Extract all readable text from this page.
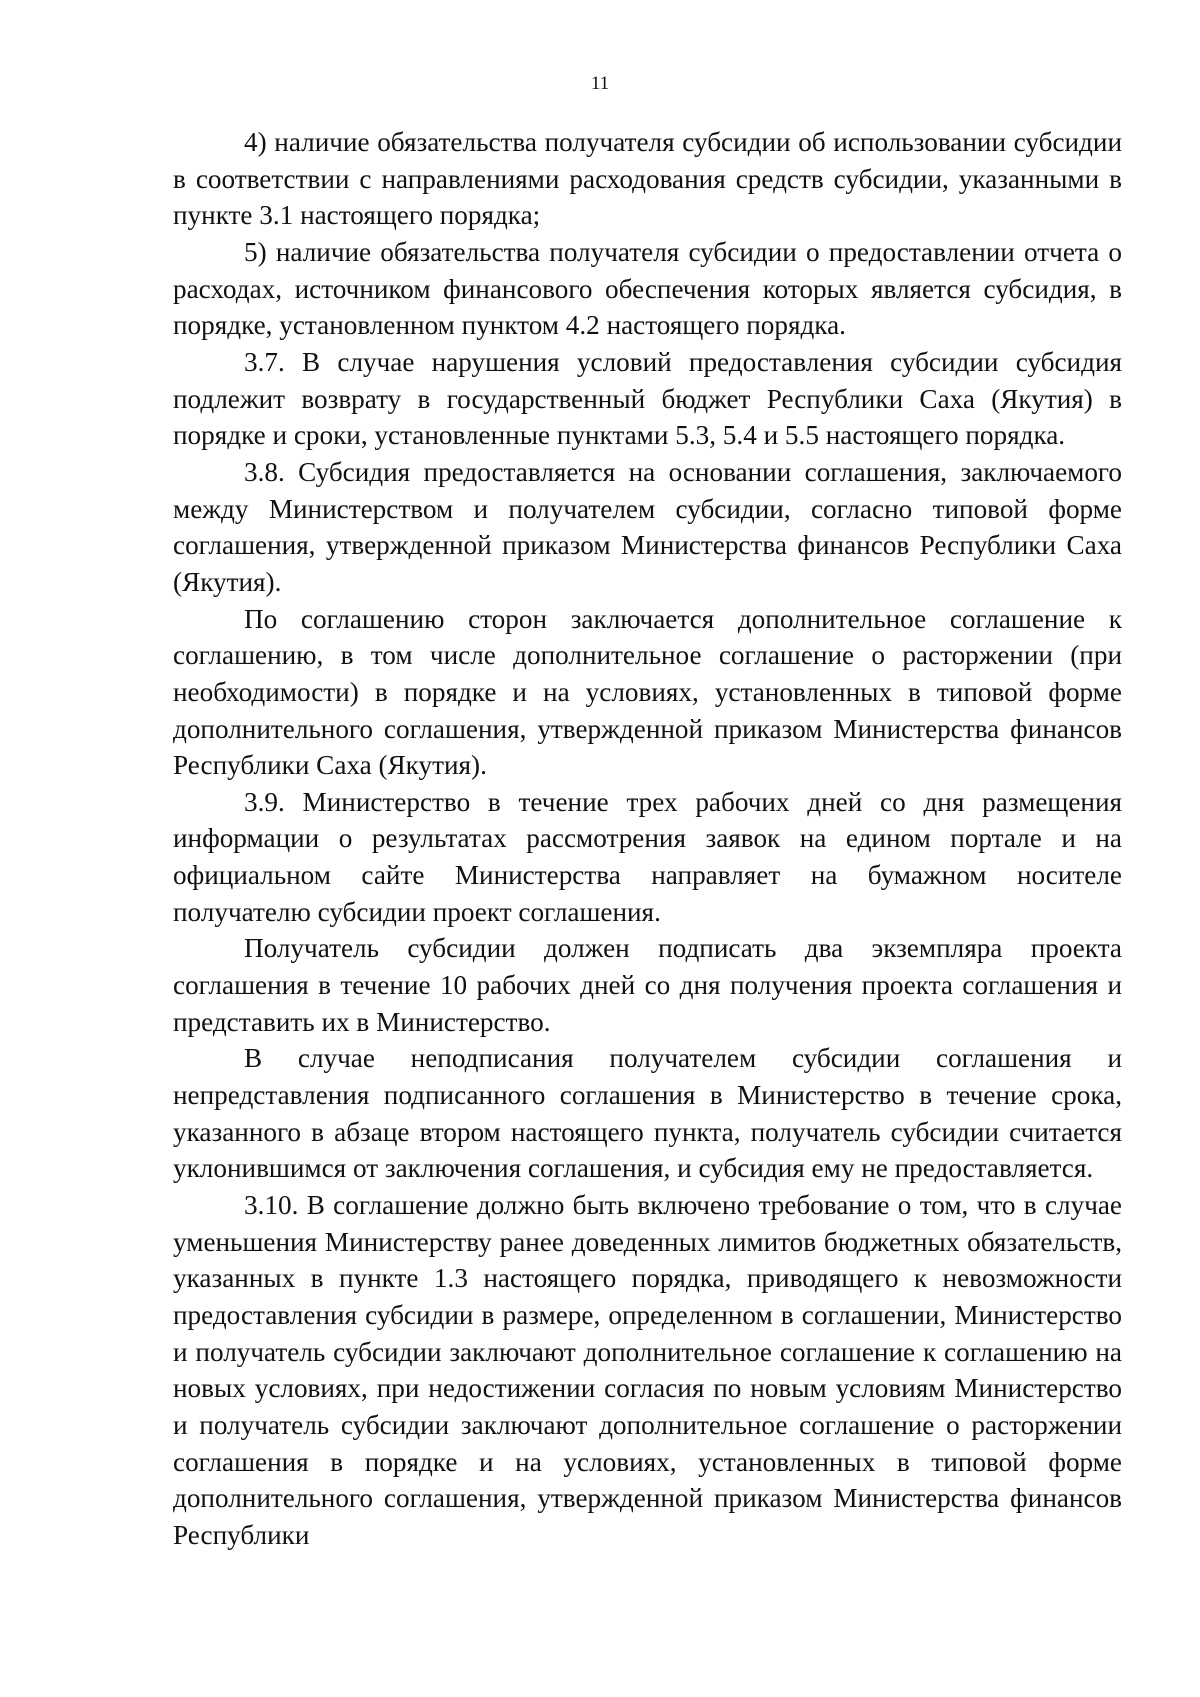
11

4) наличие обязательства получателя субсидии об использовании субсидии в соответствии с направлениями расходования средств субсидии, указанными в пункте 3.1 настоящего порядка;

5) наличие обязательства получателя субсидии о предоставлении отчета о расходах, источником финансового обеспечения которых является субсидия, в порядке, установленном пунктом 4.2 настоящего порядка.

3.7. В случае нарушения условий предоставления субсидии субсидия подлежит возврату в государственный бюджет Республики Саха (Якутия) в порядке и сроки, установленные пунктами 5.3, 5.4 и 5.5 настоящего порядка.

3.8. Субсидия предоставляется на основании соглашения, заключаемого между Министерством и получателем субсидии, согласно типовой форме соглашения, утвержденной приказом Министерства финансов Республики Саха (Якутия).

По соглашению сторон заключается дополнительное соглашение к соглашению, в том числе дополнительное соглашение о расторжении (при необходимости) в порядке и на условиях, установленных в типовой форме дополнительного соглашения, утвержденной приказом Министерства финансов Республики Саха (Якутия).

3.9. Министерство в течение трех рабочих дней со дня размещения информации о результатах рассмотрения заявок на едином портале и на официальном сайте Министерства направляет на бумажном носителе получателю субсидии проект соглашения.

Получатель субсидии должен подписать два экземпляра проекта соглашения в течение 10 рабочих дней со дня получения проекта соглашения и представить их в Министерство.

В случае неподписания получателем субсидии соглашения и непредставления подписанного соглашения в Министерство в течение срока, указанного в абзаце втором настоящего пункта, получатель субсидии считается уклонившимся от заключения соглашения, и субсидия ему не предоставляется.

3.10. В соглашение должно быть включено требование о том, что в случае уменьшения Министерству ранее доведенных лимитов бюджетных обязательств, указанных в пункте 1.3 настоящего порядка, приводящего к невозможности предоставления субсидии в размере, определенном в соглашении, Министерство и получатель субсидии заключают дополнительное соглашение к соглашению на новых условиях, при недостижении согласия по новым условиям Министерство и получатель субсидии заключают дополнительное соглашение о расторжении соглашения в порядке и на условиях, установленных в типовой форме дополнительного соглашения, утвержденной приказом Министерства финансов Республики
